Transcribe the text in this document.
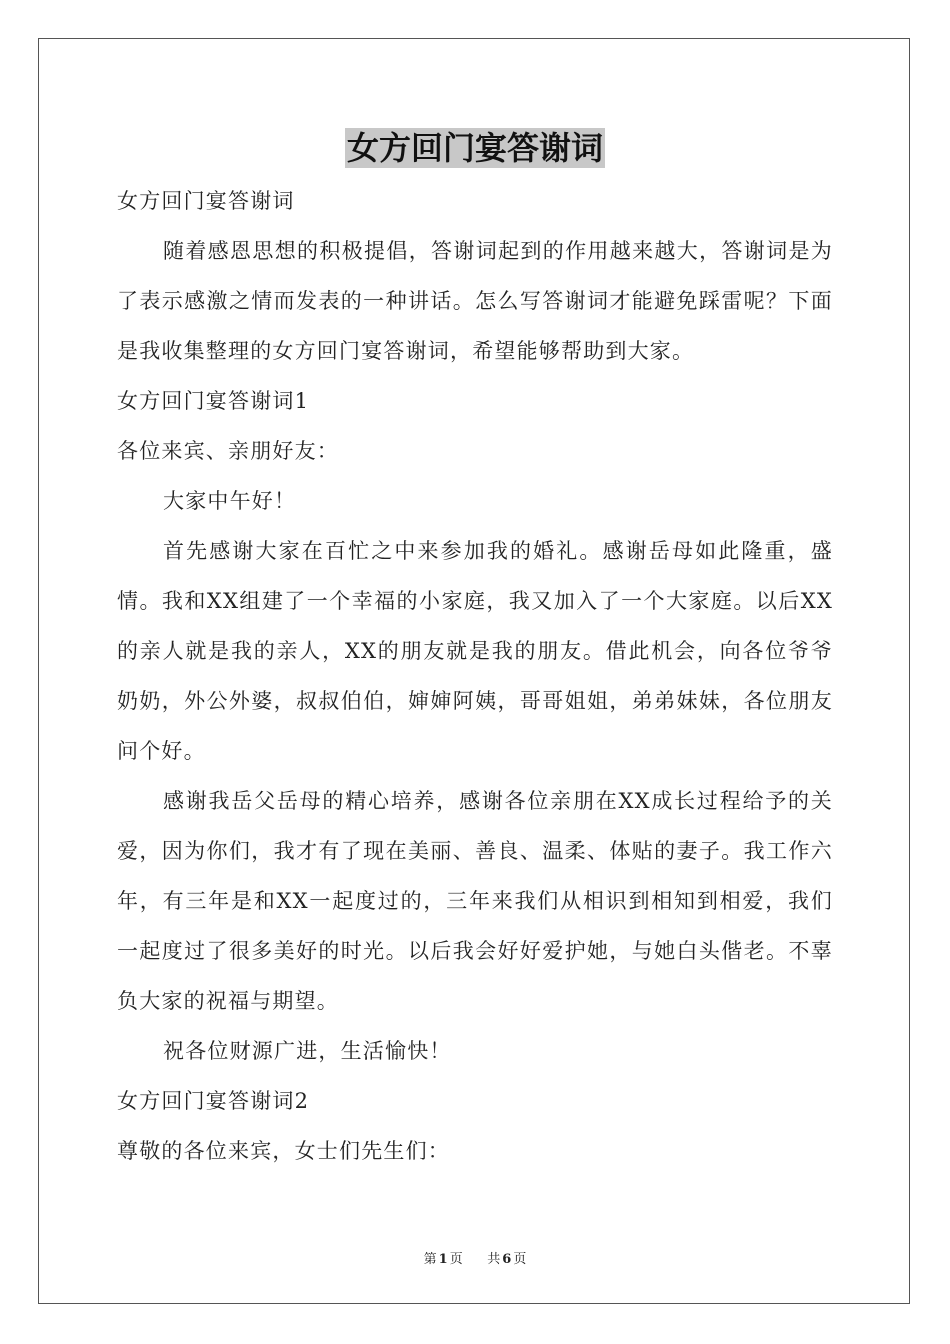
女方回门宴答谢词

女方回门宴答谢词

随着感恩思想的积极提倡，答谢词起到的作用越来越大，答谢词是为了表示感激之情而发表的一种讲话。怎么写答谢词才能避免踩雷呢？下面是我收集整理的女方回门宴答谢词，希望能够帮助到大家。

女方回门宴答谢词1

各位来宾、亲朋好友：

大家中午好！

首先感谢大家在百忙之中来参加我的婚礼。感谢岳母如此隆重，盛情。我和XX组建了一个幸福的小家庭，我又加入了一个大家庭。以后XX的亲人就是我的亲人，XX的朋友就是我的朋友。借此机会，向各位爷爷奶奶，外公外婆，叔叔伯伯，婶婶阿姨，哥哥姐姐，弟弟妹妹，各位朋友问个好。

感谢我岳父岳母的精心培养，感谢各位亲朋在XX成长过程给予的关爱，因为你们，我才有了现在美丽、善良、温柔、体贴的妻子。我工作六年，有三年是和XX一起度过的，三年来我们从相识到相知到相爱，我们一起度过了很多美好的时光。以后我会好好爱护她，与她白头偕老。不辜负大家的祝福与期望。

祝各位财源广进，生活愉快！

女方回门宴答谢词2

尊敬的各位来宾，女士们先生们：

第 1 页 共 6 页
